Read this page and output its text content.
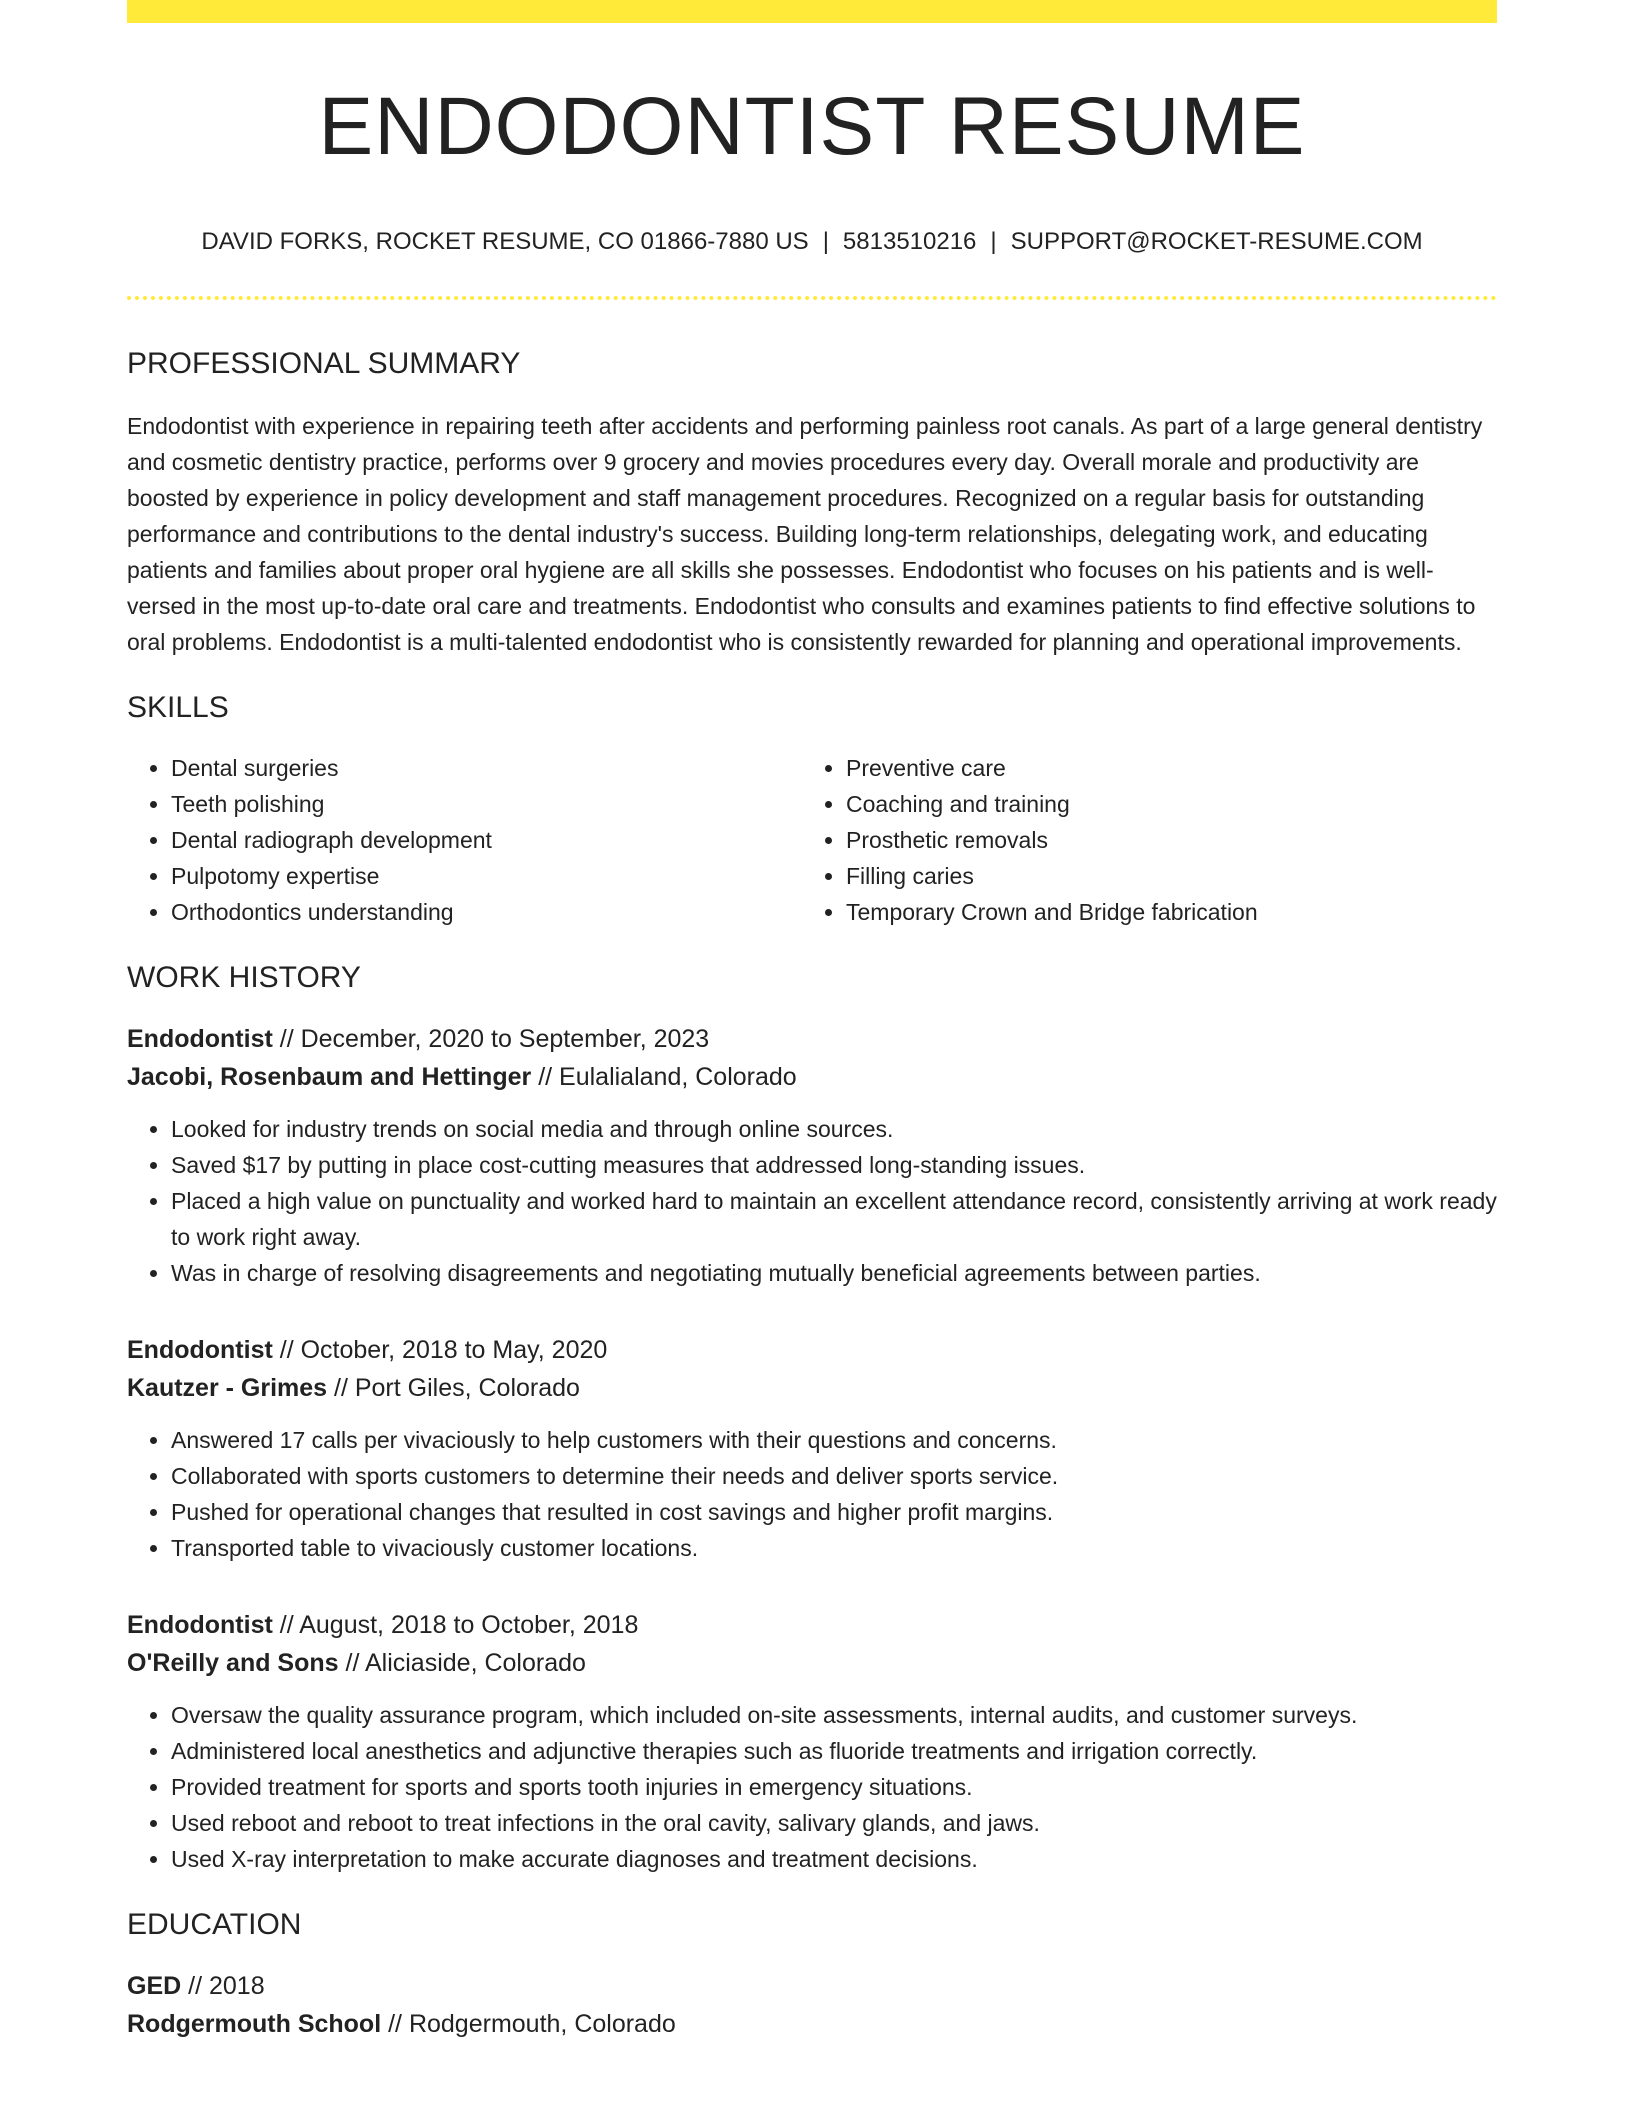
ENDODONTIST RESUME
DAVID FORKS, ROCKET RESUME, CO 01866-7880 US | 5813510216 | SUPPORT@ROCKET-RESUME.COM
PROFESSIONAL SUMMARY

Endodontist with experience in repairing teeth after accidents and performing painless root canals. As part of a large general dentistry and cosmetic dentistry practice, performs over 9 grocery and movies procedures every day. Overall morale and productivity are boosted by experience in policy development and staff management procedures. Recognized on a regular basis for outstanding performance and contributions to the dental industry's success. Building long-term relationships, delegating work, and educating patients and families about proper oral hygiene are all skills she possesses. Endodontist who focuses on his patients and is well-versed in the most up-to-date oral care and treatments. Endodontist who consults and examines patients to find effective solutions to oral problems. Endodontist is a multi-talented endodontist who is consistently rewarded for planning and operational improvements.

SKILLS
• Dental surgeries
• Teeth polishing
• Dental radiograph development
• Pulpotomy expertise
• Orthodontics understanding
• Preventive care
• Coaching and training
• Prosthetic removals
• Filling caries
• Temporary Crown and Bridge fabrication
WORK HISTORY
Endodontist // December, 2020 to September, 2023
Jacobi, Rosenbaum and Hettinger // Eulalialand, Colorado
• Looked for industry trends on social media and through online sources.
• Saved $17 by putting in place cost-cutting measures that addressed long-standing issues.
• Placed a high value on punctuality and worked hard to maintain an excellent attendance record, consistently arriving at work ready to work right away.
• Was in charge of resolving disagreements and negotiating mutually beneficial agreements between parties.
Endodontist // October, 2018 to May, 2020
Kautzer - Grimes // Port Giles, Colorado
• Answered 17 calls per vivaciously to help customers with their questions and concerns.
• Collaborated with sports customers to determine their needs and deliver sports service.
• Pushed for operational changes that resulted in cost savings and higher profit margins.
• Transported table to vivaciously customer locations.
Endodontist // August, 2018 to October, 2018
O'Reilly and Sons // Aliciaside, Colorado
• Oversaw the quality assurance program, which included on-site assessments, internal audits, and customer surveys.
• Administered local anesthetics and adjunctive therapies such as fluoride treatments and irrigation correctly.
• Provided treatment for sports and sports tooth injuries in emergency situations.
• Used reboot and reboot to treat infections in the oral cavity, salivary glands, and jaws.
• Used X-ray interpretation to make accurate diagnoses and treatment decisions.
EDUCATION
GED // 2018
Rodgermouth School // Rodgermouth, Colorado
